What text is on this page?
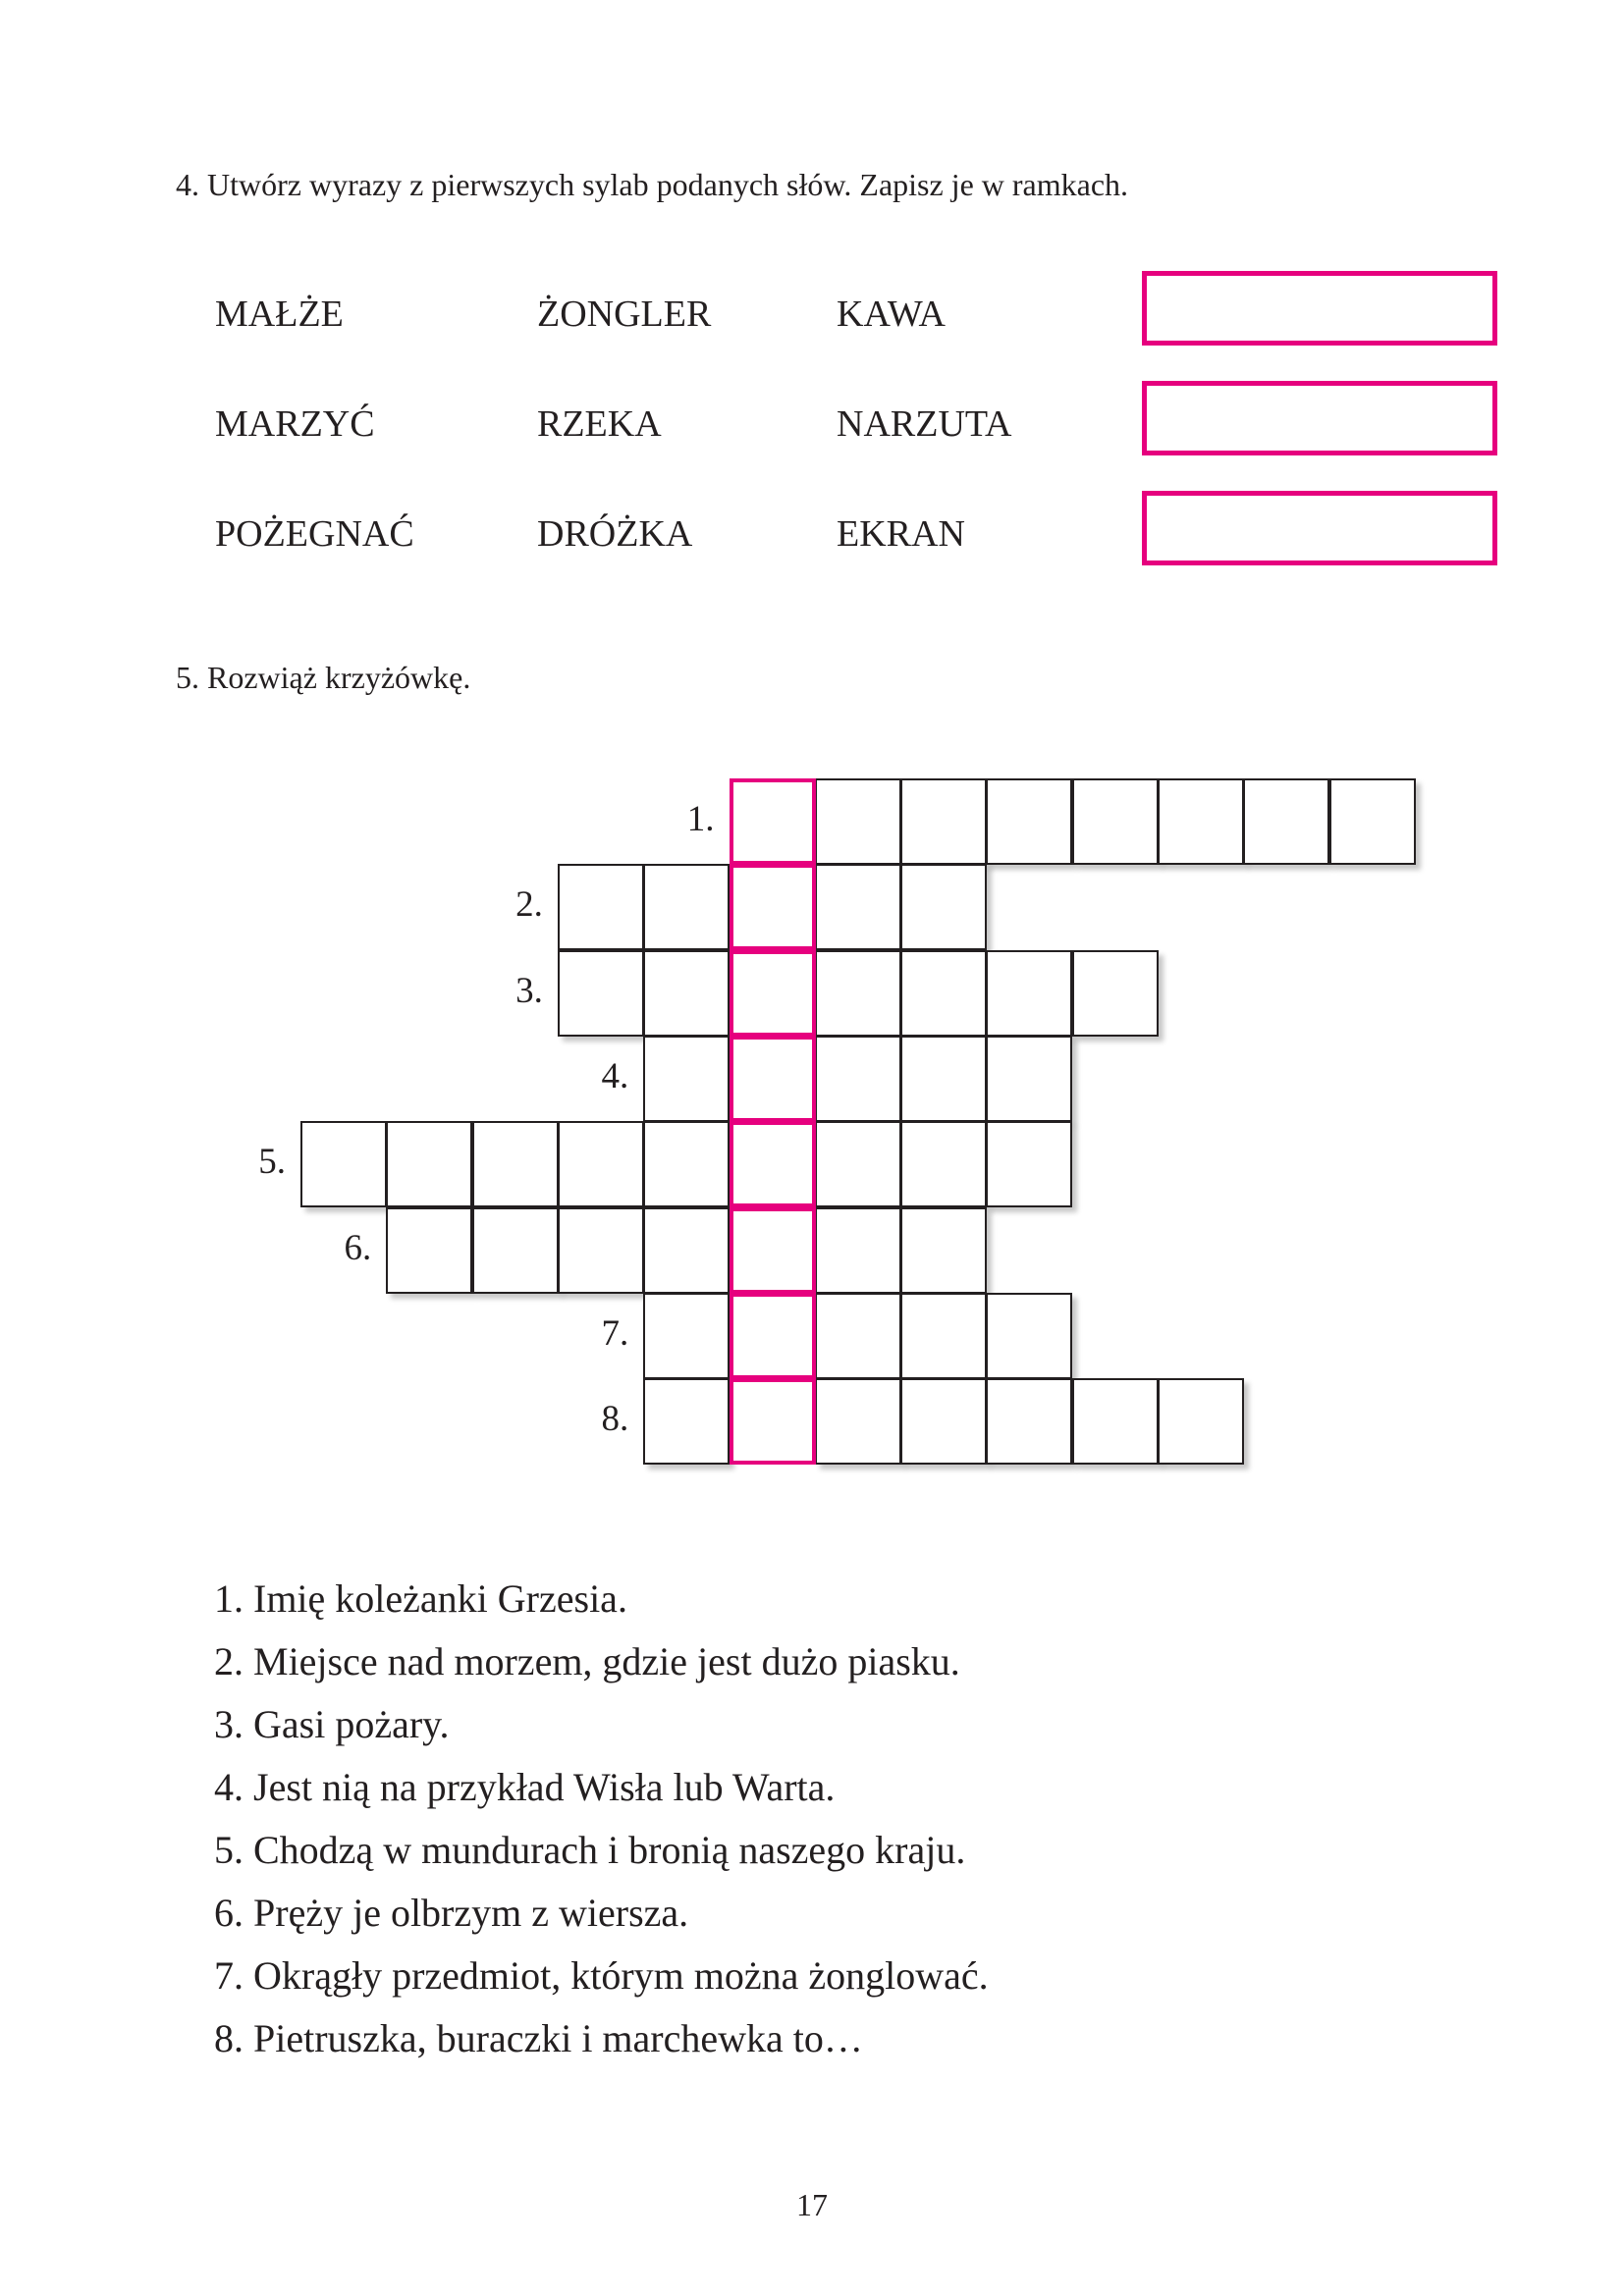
4. Utwórz wyrazy z pierwszych sylab podanych słów. Zapisz je w ramkach.
MAŁŻE	ŻONGLER	KAWA
MARZYĆ	RZEKA	NARZUTA
POŻEGNAĆ	DRÓŻKA	EKRAN
5. Rozwiąż krzyżówkę.
1.
2.
3.
4.
5.
6.
7.
8.
1. Imię koleżanki Grzesia.
2. Miejsce nad morzem, gdzie jest dużo piasku.
3. Gasi pożary.
4. Jest nią na przykład Wisła lub Warta.
5. Chodzą w mundurach i bronią naszego kraju.
6. Pręży je olbrzym z wiersza.
7. Okrągły przedmiot, którym można żonglować.
8. Pietruszka, buraczki i marchewka to…
17
